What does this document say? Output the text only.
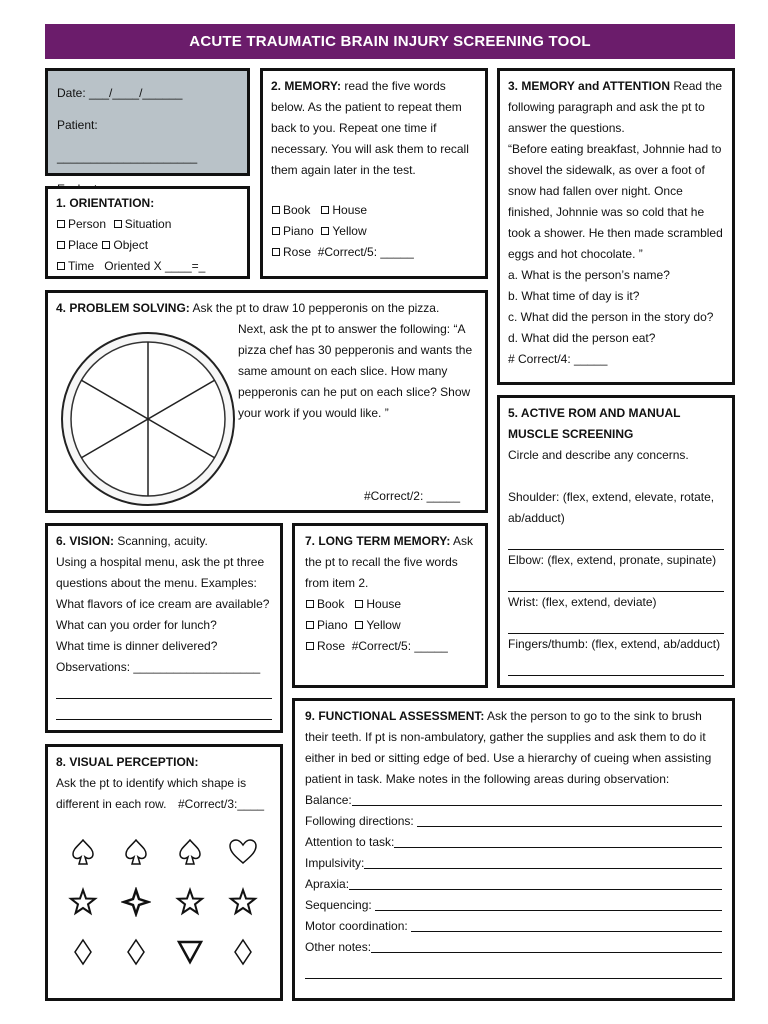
ACUTE TRAUMATIC BRAIN INJURY SCREENING TOOL
Date: ___/____/______
Patient: _____________________
1. ORIENTATION:
Person Situation
Place Object
Time Oriented X ____=_
2. MEMORY: read the five words below. As the patient to repeat them back to you. Repeat one time if necessary. You will ask them to recall them again later in the test.
Book House
Piano Yellow
Rose #Correct/5: _____
3. MEMORY and ATTENTION Read the following paragraph and ask the pt to answer the questions.
“Before eating breakfast, Johnnie had to shovel the sidewalk, as over a foot of snow had fallen over night. Once finished, Johnnie was so cold that he took a shower. He then made scrambled eggs and hot chocolate. ”
a. What is the person’s name?
b. What time of day is it?
c. What did the person in the story do?
d. What did the person eat?
# Correct/4: _____
4. PROBLEM SOLVING: Ask the pt to draw 10 pepperonis on the pizza.
Next, ask the pt to answer the following: “A pizza chef has 30 pepperonis and wants the same amount on each slice. How many pepperonis can he put on each slice? Show your work if you would like. ”
#Correct/2: _____
5. ACTIVE ROM AND MANUAL MUSCLE SCREENING
Circle and describe any concerns.
Shoulder: (flex, extend, elevate, rotate, ab/adduct)
Elbow: (flex, extend, pronate, supinate)
Wrist: (flex, extend, deviate)
Fingers/thumb: (flex, extend, ab/adduct)
6. VISION: Scanning, acuity.
Using a hospital menu, ask the pt three
questions about the menu. Examples:
What flavors of ice cream are available?
What can you order for lunch?
What time is dinner delivered?
Observations: ___________________
7. LONG TERM MEMORY: Ask the pt to recall the five words from item 2.
Book House
Piano Yellow
Rose #Correct/5: _____
8. VISUAL PERCEPTION:
Ask the pt to identify which shape is different in each row. #Correct/3:____
9. FUNCTIONAL ASSESSMENT: Ask the person to go to the sink to brush their teeth. If pt is non-ambulatory, gather the supplies and ask them to do it either in bed or sitting edge of bed. Use a hierarchy of cueing when assisting patient in task. Make notes in the following areas during observation:
Balance:
Following directions:
Attention to task:
Impulsivity:
Apraxia:
Sequencing:
Motor coordination:
Other notes:
